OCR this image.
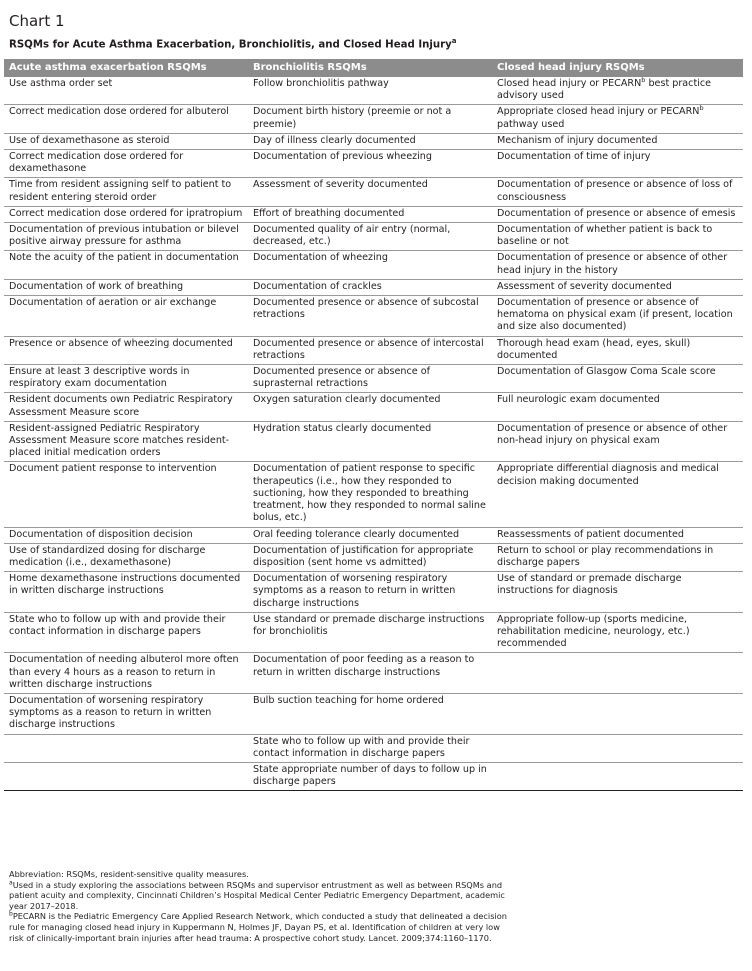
Chart 1
RSQMs for Acute Asthma Exacerbation, Bronchiolitis, and Closed Head Injury$^a$
Acute asthma exacerbation RSQMs	Bronchiolitis RSQMs	Closed head injury RSQMs
Use asthma order set	Follow bronchiolitis pathway	Closed head injury or PECARN$^b$ best practice advisory used
Correct medication dose ordered for albuterol	Document birth history (preemie or not a preemie)	Appropriate closed head injury or PECARN$^b$ pathway used
Use of dexamethasone as steroid	Day of illness clearly documented	Mechanism of injury documented
Correct medication dose ordered for dexamethasone	Documentation of previous wheezing	Documentation of time of injury
Time from resident assigning self to patient to resident entering steroid order	Assessment of severity documented	Documentation of presence or absence of loss of consciousness
Correct medication dose ordered for ipratropium	Effort of breathing documented	Documentation of presence or absence of emesis
Documentation of previous intubation or bilevel positive airway pressure for asthma	Documented quality of air entry (normal, decreased, etc.)	Documentation of whether patient is back to baseline or not
Note the acuity of the patient in documentation	Documentation of wheezing	Documentation of presence or absence of other head injury in the history
Documentation of work of breathing	Documentation of crackles	Assessment of severity documented
Documentation of aeration or air exchange	Documented presence or absence of subcostal retractions	Documentation of presence or absence of hematoma on physical exam (if present, location and size also documented)
Presence or absence of wheezing documented	Documented presence or absence of intercostal retractions	Thorough head exam (head, eyes, skull) documented
Ensure at least 3 descriptive words in respiratory exam documentation	Documented presence or absence of suprasternal retractions	Documentation of Glasgow Coma Scale score
Resident documents own Pediatric Respiratory Assessment Measure score	Oxygen saturation clearly documented	Full neurologic exam documented
Resident-assigned Pediatric Respiratory Assessment Measure score matches resident-placed initial medication orders	Hydration status clearly documented	Documentation of presence or absence of other non-head injury on physical exam
Document patient response to intervention	Documentation of patient response to specific therapeutics (i.e., how they responded to suctioning, how they responded to breathing treatment, how they responded to normal saline bolus, etc.)	Appropriate differential diagnosis and medical decision making documented
Documentation of disposition decision	Oral feeding tolerance clearly documented	Reassessments of patient documented
Use of standardized dosing for discharge medication (i.e., dexamethasone)	Documentation of justification for appropriate disposition (sent home vs admitted)	Return to school or play recommendations in discharge papers
Home dexamethasone instructions documented in written discharge instructions	Documentation of worsening respiratory symptoms as a reason to return in written discharge instructions	Use of standard or premade discharge instructions for diagnosis
State who to follow up with and provide their contact information in discharge papers	Use standard or premade discharge instructions for bronchiolitis	Appropriate follow-up (sports medicine, rehabilitation medicine, neurology, etc.) recommended
Documentation of needing albuterol more often than every 4 hours as a reason to return in written discharge instructions	Documentation of poor feeding as a reason to return in written discharge instructions	
Documentation of worsening respiratory symptoms as a reason to return in written discharge instructions	Bulb suction teaching for home ordered	
	State who to follow up with and provide their contact information in discharge papers	
	State appropriate number of days to follow up in discharge papers	

Abbreviation: RSQMs, resident-sensitive quality measures.

$^a$Used in a study exploring the associations between RSQMs and supervisor entrustment as well as between RSQMs and patient acuity and complexity, Cincinnati Children’s Hospital Medical Center Pediatric Emergency Department, academic year 2017–2018.

$^b$PECARN is the Pediatric Emergency Care Applied Research Network, which conducted a study that delineated a decision rule for managing closed head injury in Kuppermann N, Holmes JF, Dayan PS, et al. Identification of children at very low risk of clinically-important brain injuries after head trauma: A prospective cohort study. Lancet. 2009;374:1160–1170.
